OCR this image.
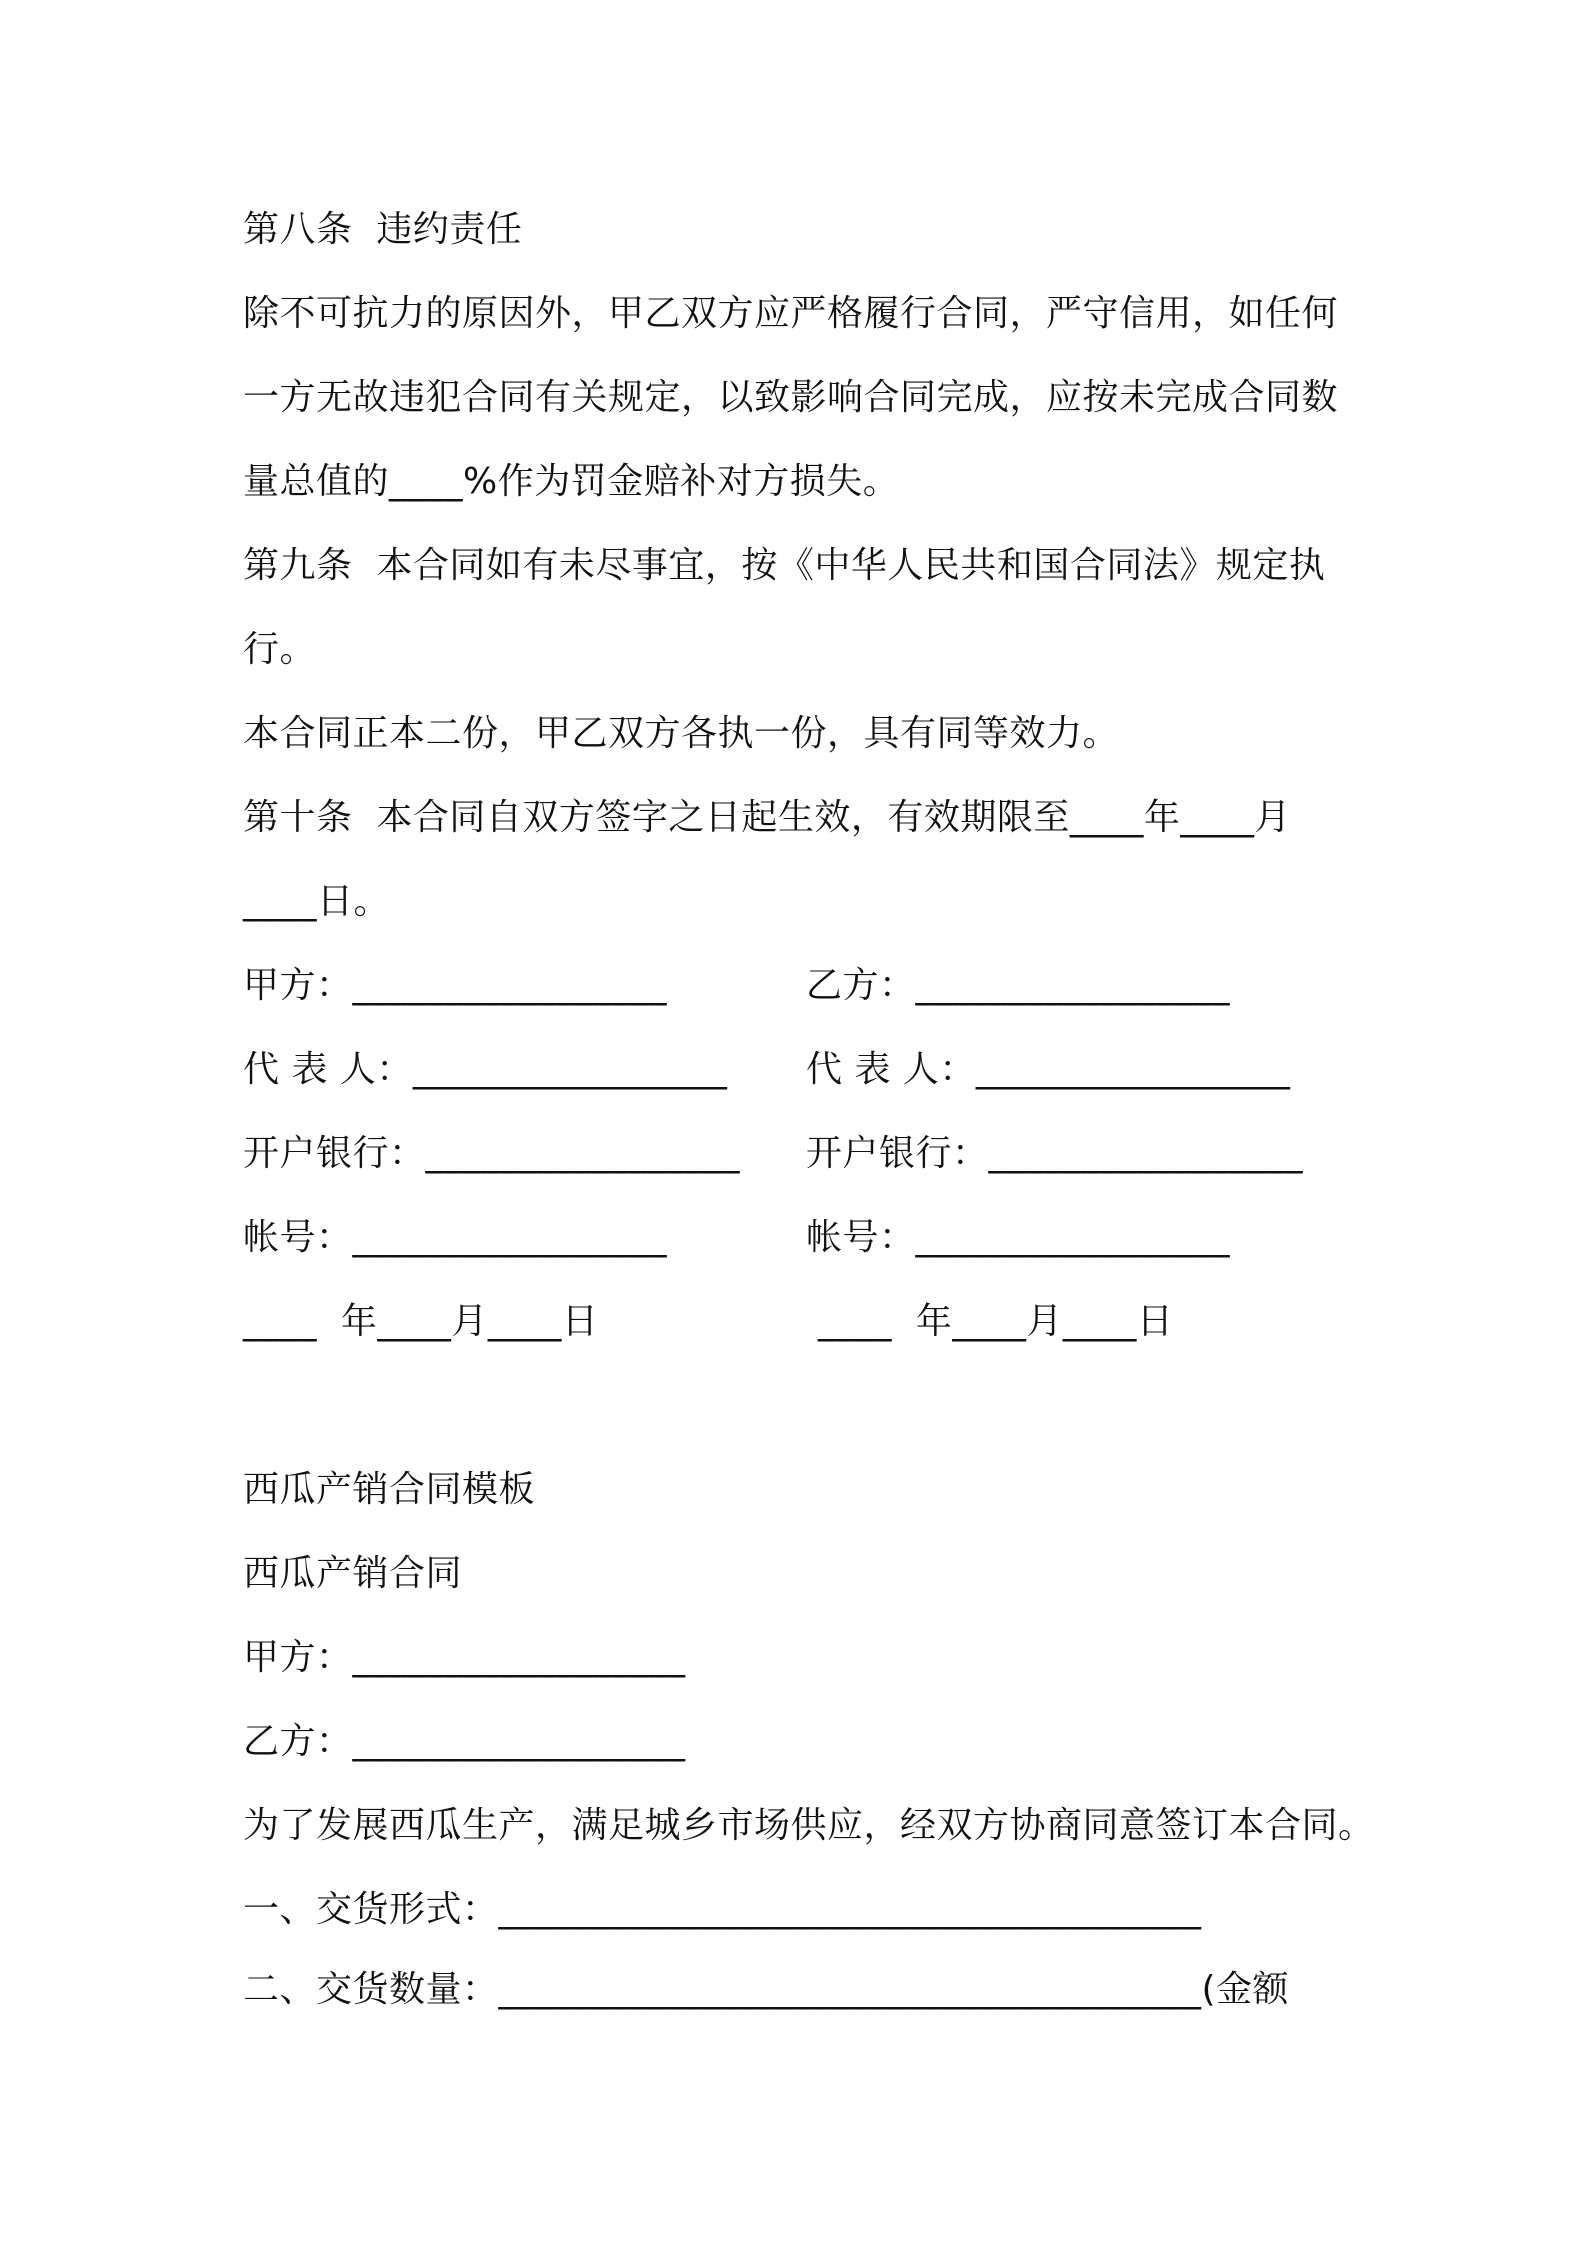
第八条  违约责任
除不可抗力的原因外，甲乙双方应严格履行合同，严守信用，如任何
一方无故违犯合同有关规定，以致影响合同完成，应按未完成合同数
量总值的____%作为罚金赔补对方损失。
第九条  本合同如有未尽事宜，按《中华人民共和国合同法》规定执
行。
本合同正本二份，甲乙双方各执一份，具有同等效力。
第十条  本合同自双方签字之日起生效，有效期限至____年____月
____日。
甲方：_________________	乙方：_________________
代 表 人：_________________ 代 表 人：_________________
开户银行：_________________ 开户银行：_________________
帐号：_________________	帐号：_________________
____  年____月____日	____  年____月____日
西瓜产销合同模板
西瓜产销合同
甲方：__________________
乙方：__________________
为了发展西瓜生产，满足城乡市场供应，经双方协商同意签订本合同。
一、交货形式：______________________________________
二、交货数量：______________________________________(金额
